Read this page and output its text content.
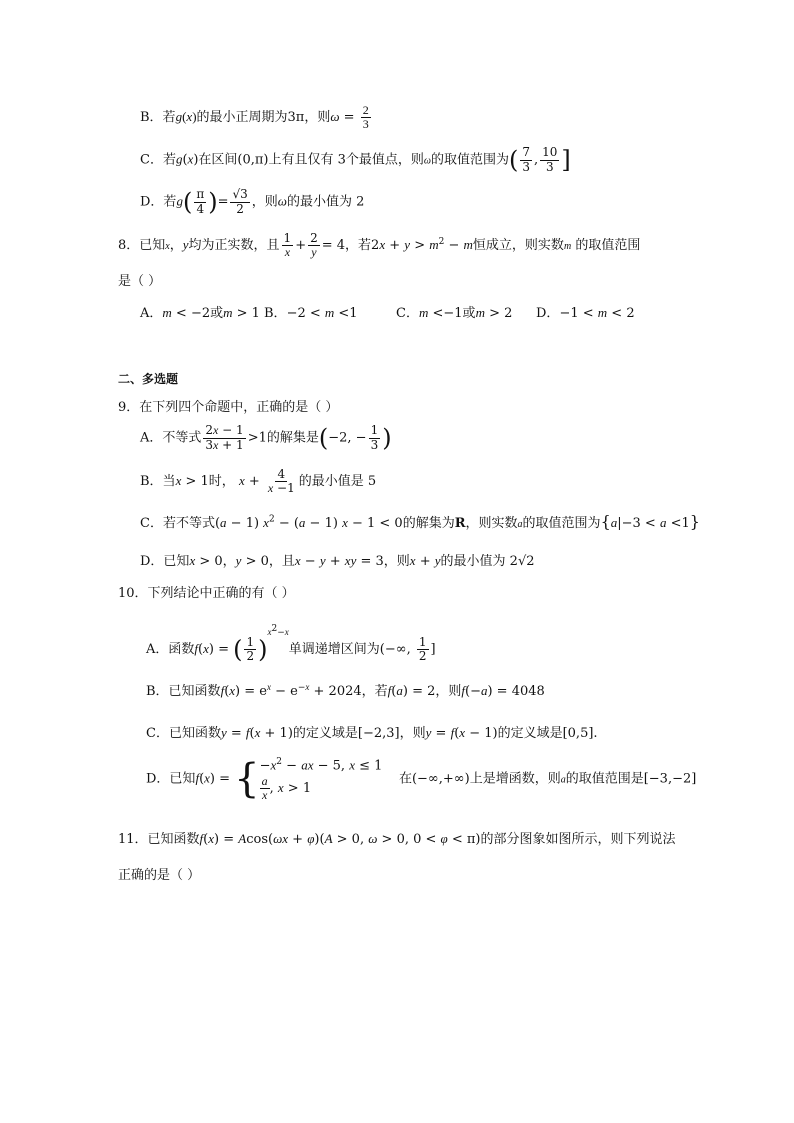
B．若g(x)的最小正周期为3π，则$\omega = \frac{2}{3}$
C．若g(x)在区间(0,π)上有且仅有 3个最值点，则ω的取值范围为( $\frac{7}{3}$ , $\frac{10}{3}$ ]
D．若$g( \frac{\pi}{4}$ )= $\frac{√3}{2}$ ，则ω的最小值为 2
8．已知x，y均为正实数，且 $\frac{1}{x} + \frac{2}{y} = 4$，若$2x + y > m^2 - m$恒成立，则实数m 的取值范围
是（ ）
A．m < −2或m > 1 B．−2 < m <1	C．m <−1或m > 2 D．−1 < m < 2
二、多选题
9．在下列四个命题中，正确的是（ ）
A．不等式 $\frac{2x - 1}{3x + 1} >1$的解集是(−2, − $\frac{1}{3}$ )
B．当x > 1时， $x + \frac{4}{x -1}$ 的最小值是 5
C．若不等式(a − 1) $x^2 - (a - 1) x - 1 < 0$的解集为R，则实数a的取值范围为{a|−3 < a <1}
D．已知x > 0，y > 0，且x − y + xy = 3，则x + y的最小值为 2√2
10．下列结论中正确的有（ ）
A．函数f(x) = ( $\frac{1}{2} )^{x^2-x}$单调递增区间为(−∞, $\frac{1}{2}$ ]
B．已知函数$f(x) = e^x - e^{-x} + 2024$，若f(a) = 2，则f(−a) = 4048
C．已知函数y = f(x + 1)的定义域是[−2,3]，则y = f(x − 1)的定义域是[0,5].
D．已知f(x) = { $-x^2$ − ax − 5, x ≤ 1
$\frac{a}{x}$ , x > 1
在(−∞,+∞)上是增函数，则a的取值范围是[−3,−2]
11．已知函数f(x) = Acos(ωx + φ)(A > 0, ω > 0, 0 < φ < π)的部分图象如图所示，则下列说法
正确的是（ ）
